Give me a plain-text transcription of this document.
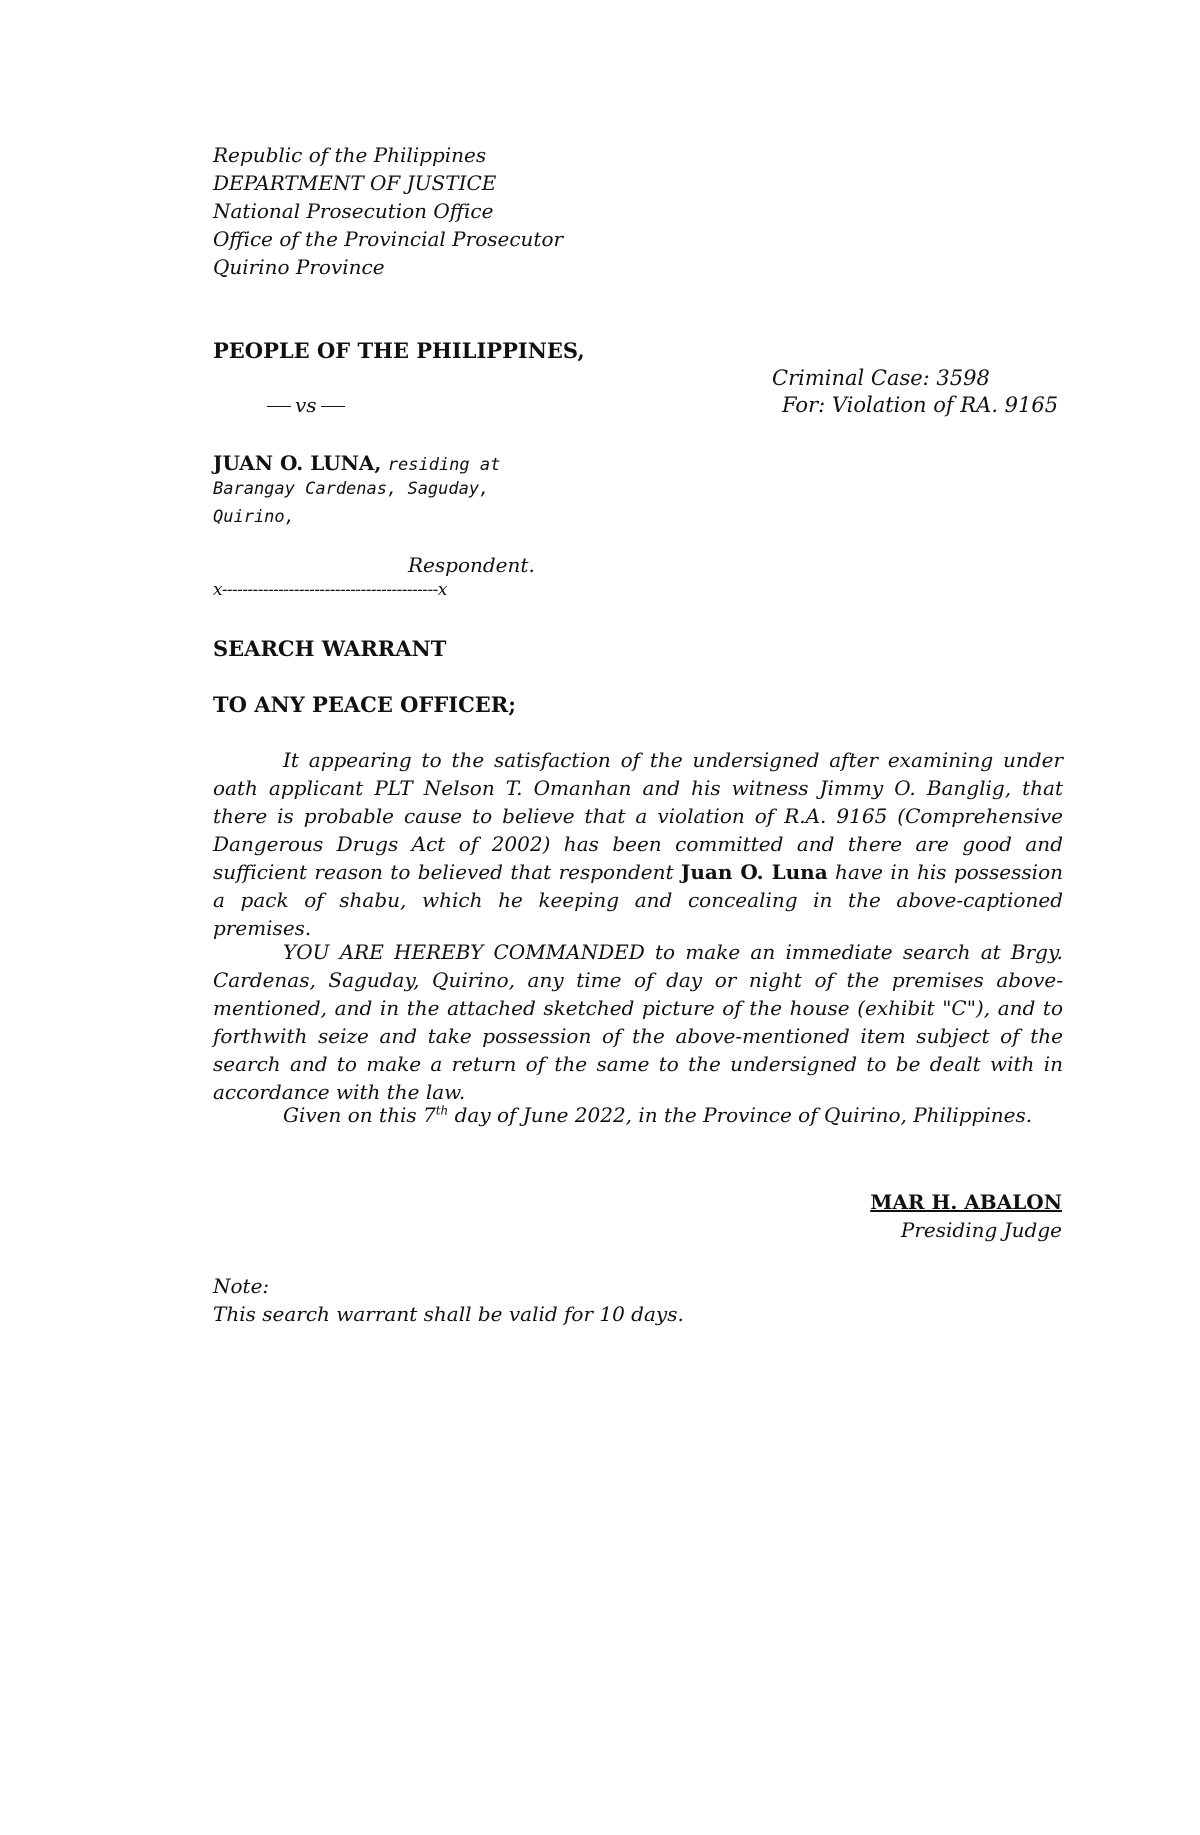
Republic of the Philippines
DEPARTMENT OF JUSTICE
National Prosecution Office
Office of the Provincial Prosecutor
Quirino Province
PEOPLE OF THE PHILIPPINES,
Criminal Case: 3598
vs	For: Violation of RA. 9165
JUAN O. LUNA, residing at
Barangay Cardenas, Saguday,
Quirino,
Respondent.
x------------------------------------------x
SEARCH WARRANT
TO ANY PEACE OFFICER;
It appearing to the satisfaction of the undersigned after examining under oath applicant PLT Nelson T. Omanhan and his witness Jimmy O. Banglig, that there is probable cause to believe that a violation of R.A. 9165 (Comprehensive Dangerous Drugs Act of 2002) has been committed and there are good and sufficient reason to believed that respondent Juan O. Luna have in his possession a pack of shabu, which he keeping and concealing in the above-captioned premises.
YOU ARE HEREBY COMMANDED to make an immediate search at Brgy. Cardenas, Saguday, Quirino, any time of day or night of the premises above-mentioned, and in the attached sketched picture of the house (exhibit "C"), and to forthwith seize and take possession of the above-mentioned item subject of the search and to make a return of the same to the undersigned to be dealt with in accordance with the law.
Given on this 7th day of June 2022, in the Province of Quirino, Philippines.
MAR H. ABALON
Presiding Judge
Note:
This search warrant shall be valid for 10 days.
